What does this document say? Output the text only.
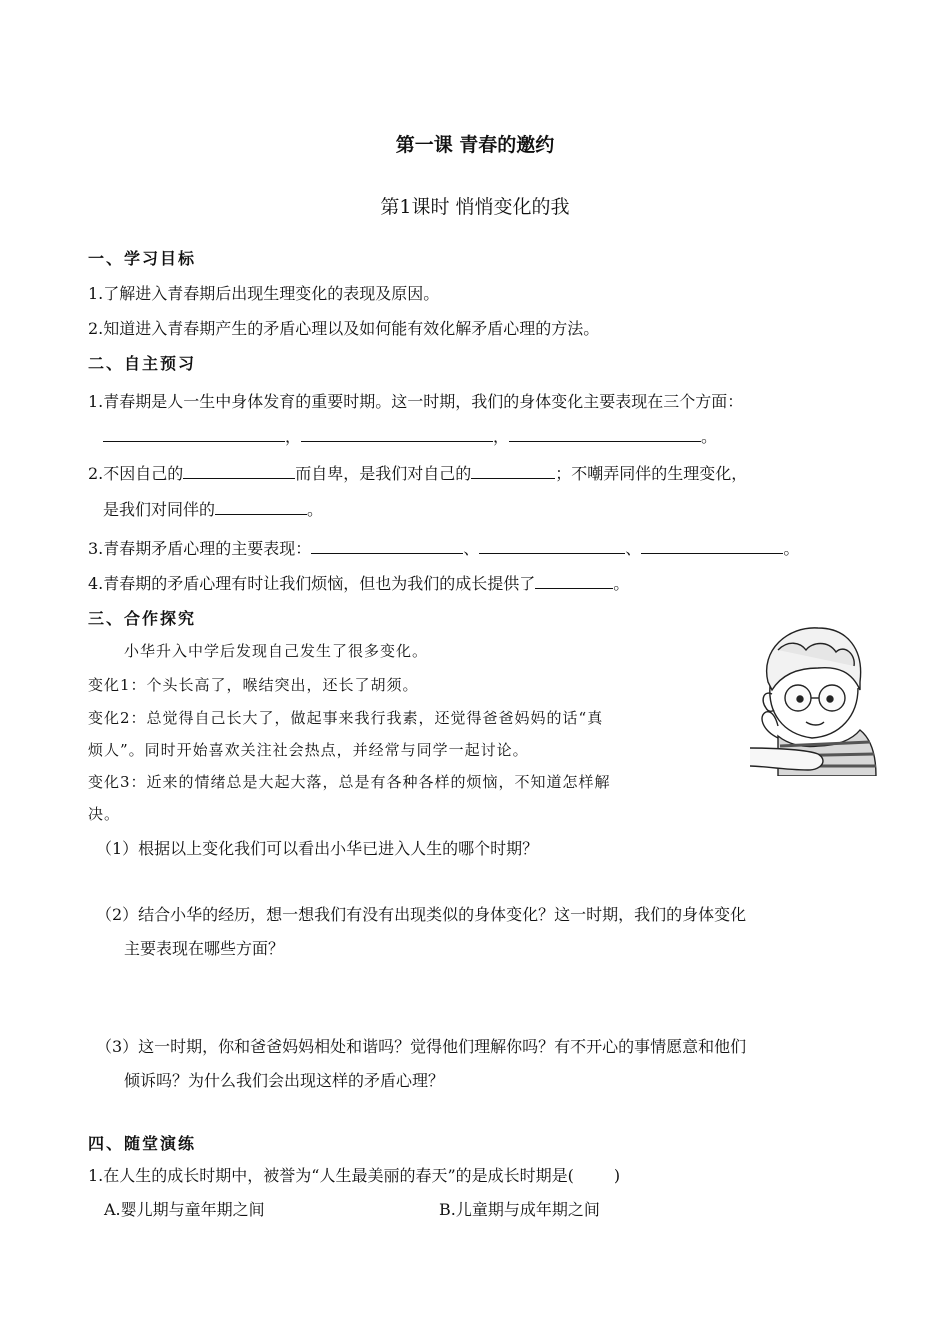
第一课 青春的邀约
第1课时 悄悄变化的我
一、学习目标
1.了解进入青春期后出现生理变化的表现及原因。
2.知道进入青春期产生的矛盾心理以及如何能有效化解矛盾心理的方法。
二、自主预习
1.青春期是人一生中身体发育的重要时期。这一时期，我们的身体变化主要表现在三个方面：
，	，	。
2.不因自己的	而自卑，是我们对自己的	；不嘲弄同伴的生理变化，
是我们对同伴的	。
3.青春期矛盾心理的主要表现：	、	、	。
4.青春期的矛盾心理有时让我们烦恼，但也为我们的成长提供了	。
三、合作探究
小华升入中学后发现自己发生了很多变化。
变化1：个头长高了，喉结突出，还长了胡须。
变化2：总觉得自己长大了，做起事来我行我素，还觉得爸爸妈妈的话“真
烦人”。同时开始喜欢关注社会热点，并经常与同学一起讨论。
变化3：近来的情绪总是大起大落，总是有各种各样的烦恼，不知道怎样解
决。
（1）根据以上变化我们可以看出小华已进入人生的哪个时期？
（2）结合小华的经历，想一想我们有没有出现类似的身体变化？这一时期，我们的身体变化
主要表现在哪些方面？
（3）这一时期，你和爸爸妈妈相处和谐吗？觉得他们理解你吗？有不开心的事情愿意和他们
倾诉吗？为什么我们会出现这样的矛盾心理？
四、随堂演练
1.在人生的成长时期中，被誉为“人生最美丽的春天”的是成长时期是(	)
A.婴儿期与童年期之间	B.儿童期与成年期之间
